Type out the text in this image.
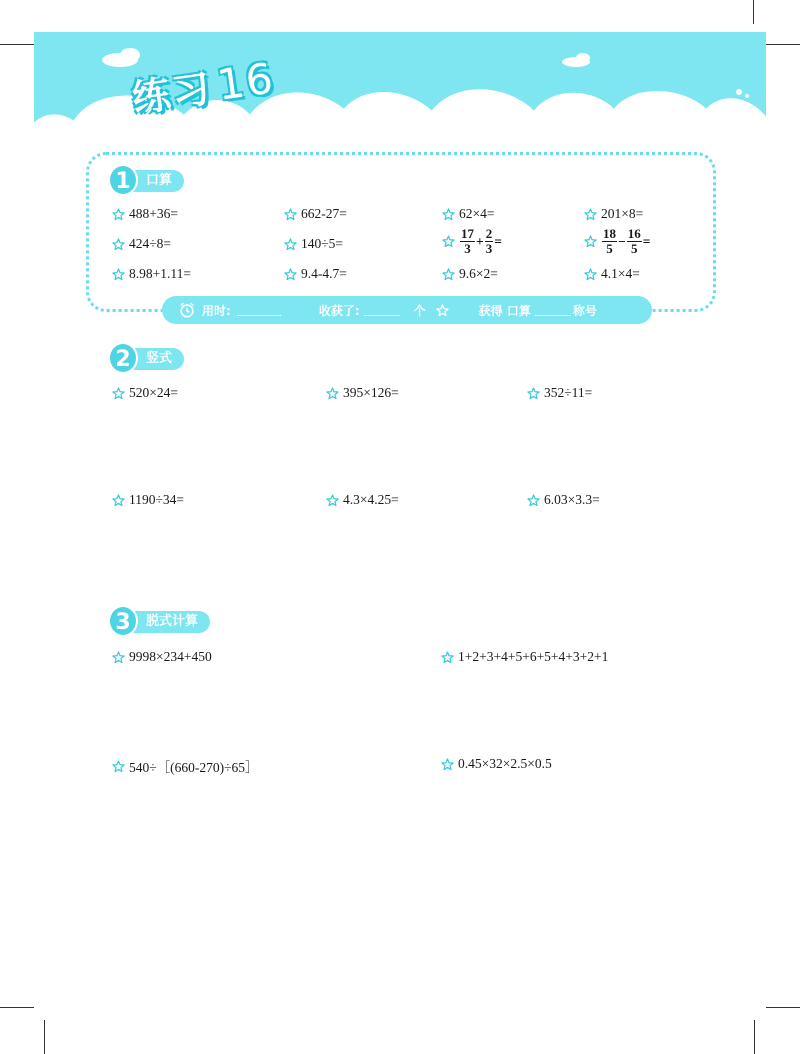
练习16
1	口算
488+36=	662-27=	62×4=	201×8=
424÷8=	140÷5=	$\frac{17}{3} + \frac{2}{3}$ =	$\frac{18}{5} - \frac{16}{5}$ =
8.98+1.11=	9.4-4.7=	9.6×2=	4.1×4=
用时:	收获了:	个	获得 口算	称号
2	竖式
520×24=	395×126=	352÷11=
1190÷34=	4.3×4.25=	6.03×3.3=
3	脱式计算
9998×234+450	1+2+3+4+5+6+5+4+3+2+1
540÷［(660-270)÷65］	0.45×32×2.5×0.5
